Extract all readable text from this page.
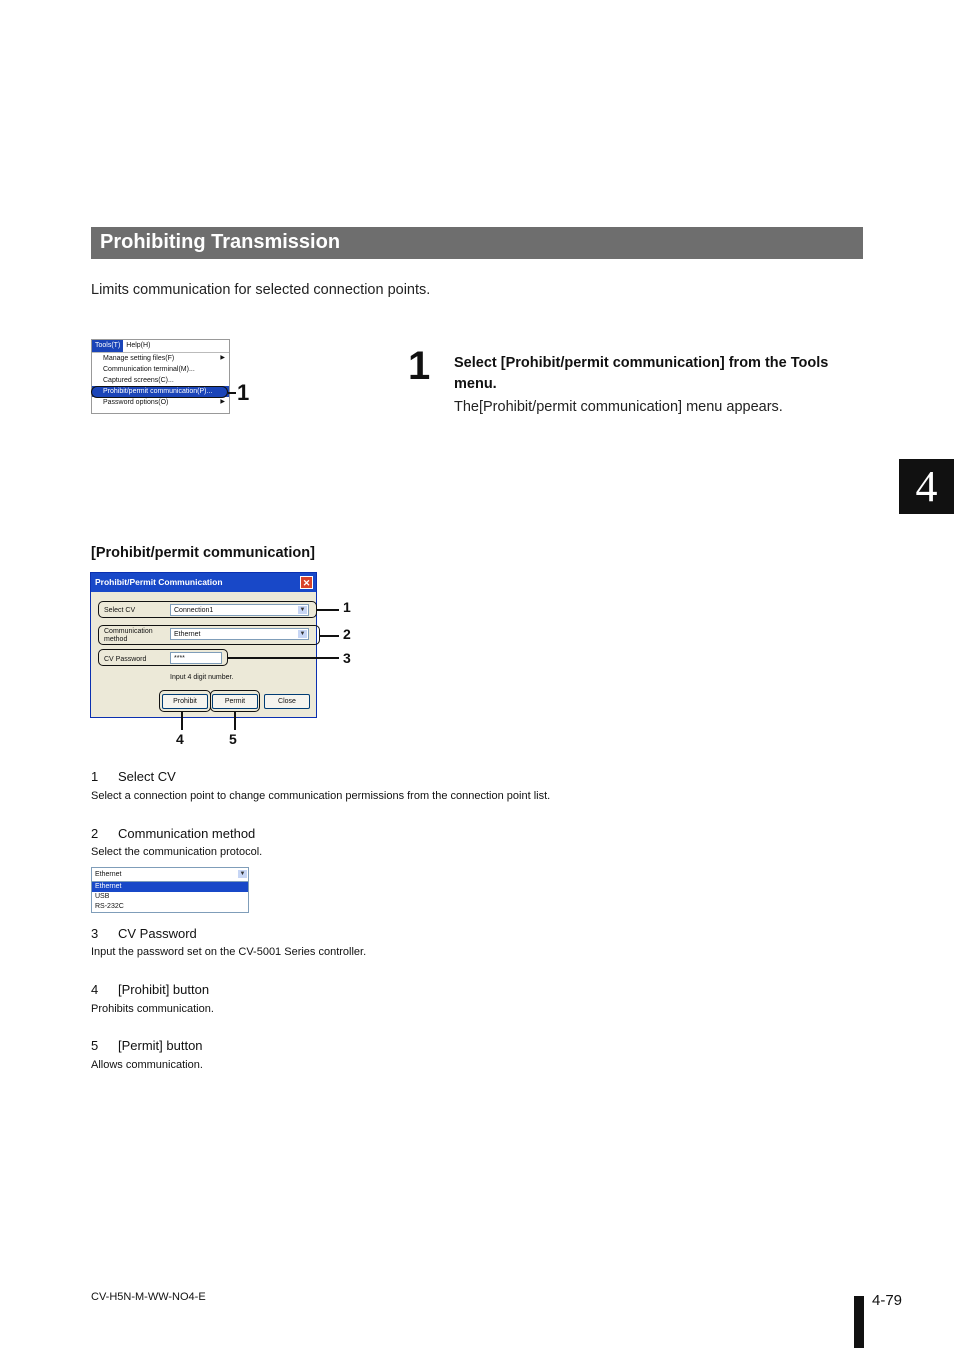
Prohibiting Transmission
Limits communication for selected connection points.
4
Tools(T) Help(H)
Manage setting files(F)	▶
Communication terminal(M)...
Captured screens(C)...
Prohibit/permit communication(P)...
Password options(O)	▶ 1
1 Select [Prohibit/permit communication] from the Tools menu.
The[Prohibit/permit communication] menu appears.
[Prohibit/permit communication]
Prohibit/Permit Communication	✕
Select CV	Connection1	▼
Communication
method
Ethernet	▼
CV Password	****
Input 4 digit number.
Prohibit	Permit	Close
1
2
3
4	5
1 Select CV
Select a connection point to change communication permissions from the connection point list.
2 Communication method
Select the communication protocol.
Ethernet	▼
Ethernet
USB
RS-232C
3 CV Password
Input the password set on the CV-5001 Series controller.
4 [Prohibit] button
Prohibits communication.
5 [Permit] button
Allows communication.
CV-H5N-M-WW-NO4-E	4-79
